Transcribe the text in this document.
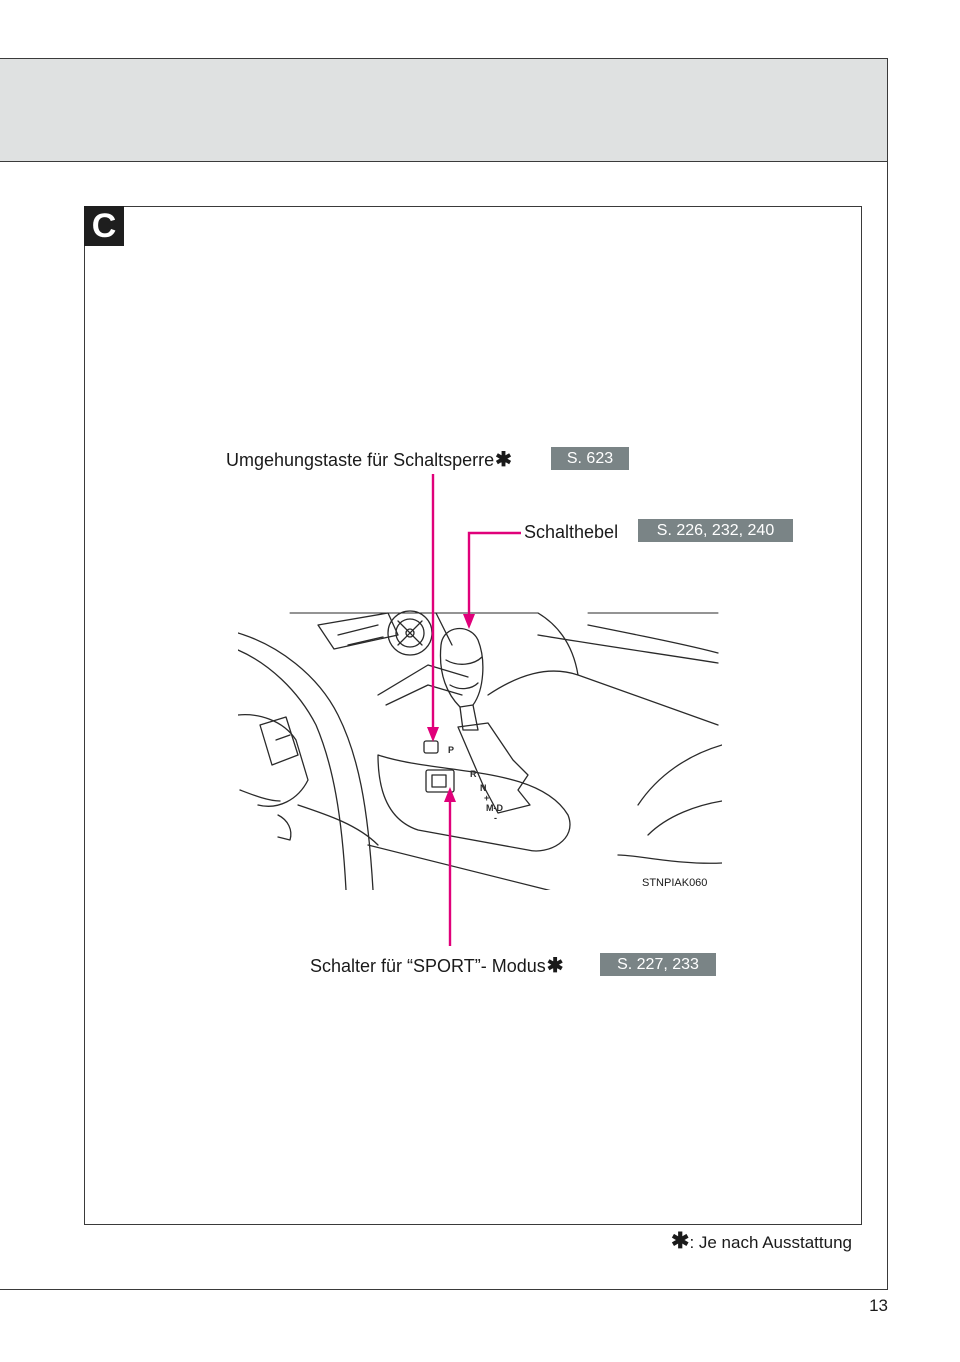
C
Umgehungstaste für Schaltsperre✱	S. 623
Schalthebel	S. 226, 232, 240
Schalter für “SPORT”- Modus✱	S. 227, 233
P
R
N
+
M-D
-
STNPIAK060
✱: Je nach Ausstattung
13
